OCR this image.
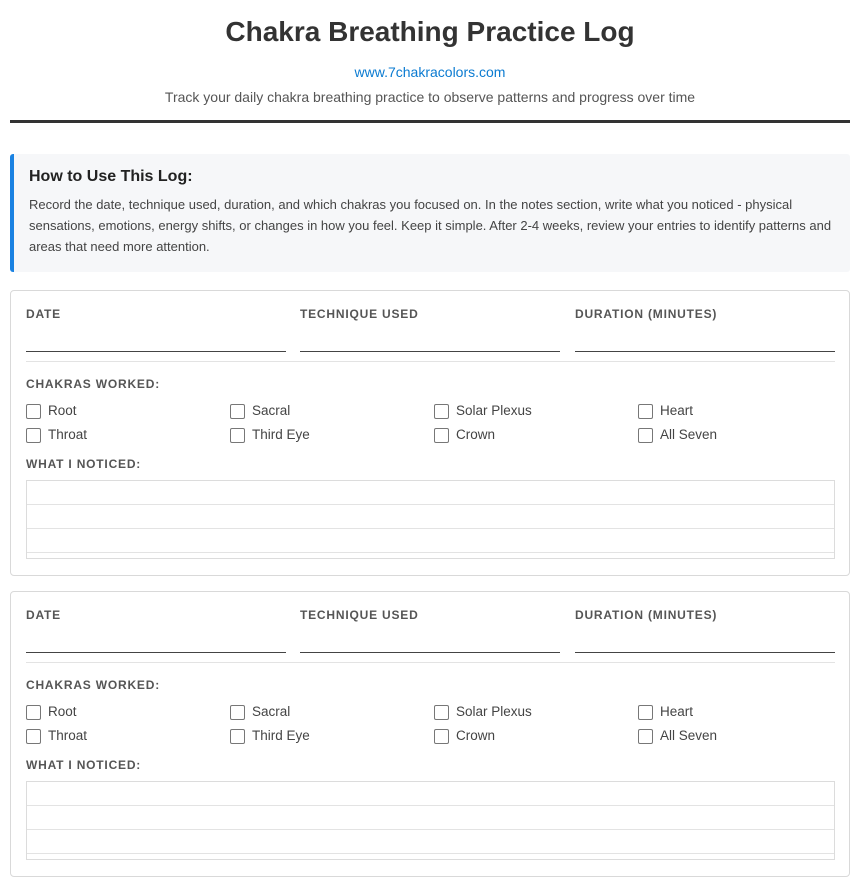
Chakra Breathing Practice Log
www.7chakracolors.com
Track your daily chakra breathing practice to observe patterns and progress over time
How to Use This Log:
Record the date, technique used, duration, and which chakras you focused on. In the notes section, write what you noticed - physical sensations, emotions, energy shifts, or changes in how you feel. Keep it simple. After 2-4 weeks, review your entries to identify patterns and areas that need more attention.
DATE	TECHNIQUE USED	DURATION (MINUTES)
CHAKRAS WORKED:
Root	Sacral	Solar Plexus	Heart
Throat	Third Eye	Crown	All Seven
WHAT I NOTICED:
DATE	TECHNIQUE USED	DURATION (MINUTES)
CHAKRAS WORKED:
Root	Sacral	Solar Plexus	Heart
Throat	Third Eye	Crown	All Seven
WHAT I NOTICED:
